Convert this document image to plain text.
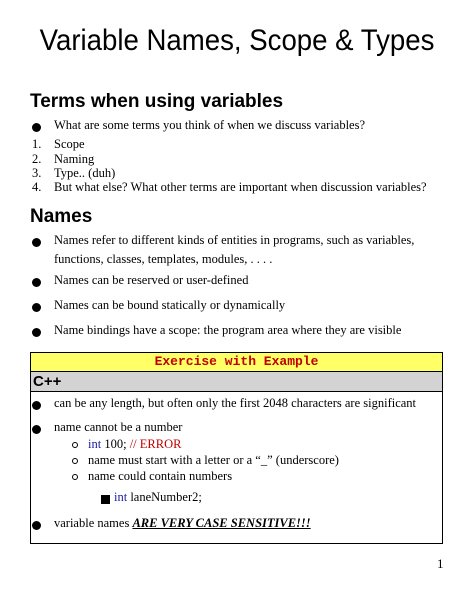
Variable Names, Scope & Types
Terms when using variables
What are some terms you think of when we discuss variables?
1. Scope
2. Naming
3. Type.. (duh)
4. But what else? What other terms are important when discussion variables?
Names
Names refer to different kinds of entities in programs, such as variables,
functions, classes, templates, modules, . . . .
Names can be reserved or user-defined
Names can be bound statically or dynamically
Name bindings have a scope: the program area where they are visible
Exercise with Example
C++
can be any length, but often only the first 2048 characters are significant
name cannot be a number
int 100; // ERROR
name must start with a letter or a “_” (underscore)
name could contain numbers
int laneNumber2;
variable names ARE VERY CASE SENSITIVE!!!
1
